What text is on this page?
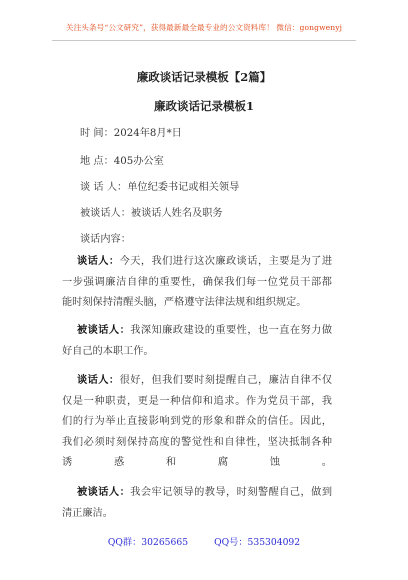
关注头条号“公文研究”，获得最新最全最专业的公文资料库！ 微信：gongwenyj
廉政谈话记录模板【2篇】
廉政谈话记录模板1
时 间：2024年8月*日
地 点：405办公室
谈 话 人：单位纪委书记或相关领导
被谈话人：被谈话人姓名及职务
谈话内容：
谈话人：今天，我们进行这次廉政谈话，主要是为了进
一步强调廉洁自律的重要性，确保我们每一位党员干部都
能时刻保持清醒头脑，严格遵守法律法规和组织规定。
被谈话人：我深知廉政建设的重要性，也一直在努力做
好自己的本职工作。
谈话人：很好，但我们要时刻提醒自己，廉洁自律不仅
仅是一种职责，更是一种信仰和追求。作为党员干部，我
们的行为举止直接影响到党的形象和群众的信任。因此，
我们必须时刻保持高度的警觉性和自律性，坚决抵制各种
诱惑和腐蚀。
被谈话人：我会牢记领导的教导，时刻警醒自己，做到
清正廉洁。
QQ群：30265665	QQ号：535304092
